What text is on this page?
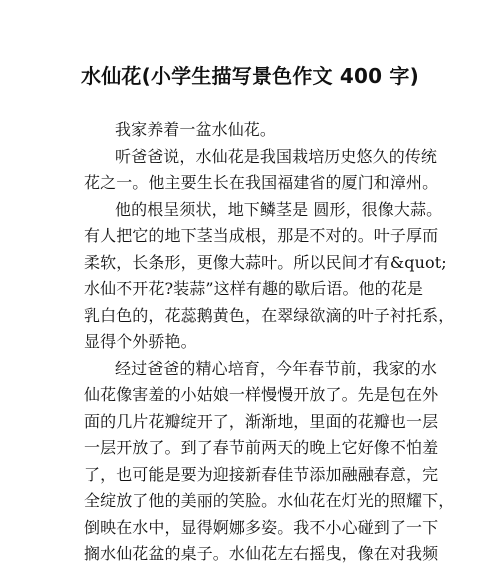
水仙花(小学生描写景色作文 400 字)
我家养着一盆水仙花。
听爸爸说，水仙花是我国栽培历史悠久的传统
花之一。他主要生长在我国福建省的厦门和漳州。
他的根呈须状，地下鳞茎是 圆形，很像大蒜。
有人把它的地下茎当成根，那是不对的。叶子厚而
柔软，长条形，更像大蒜叶。所以民间才有&quot;
水仙不开花?装蒜”这样有趣的歇后语。他的花是
乳白色的，花蕊鹅黄色，在翠绿欲滴的叶子衬托系，
显得个外骄艳。
经过爸爸的精心培育，今年春节前，我家的水
仙花像害羞的小姑娘一样慢慢开放了。先是包在外
面的几片花瓣绽开了，渐渐地，里面的花瓣也一层
一层开放了。到了春节前两天的晚上它好像不怕羞
了，也可能是要为迎接新春佳节添加融融春意，完
全绽放了他的美丽的笑脸。水仙花在灯光的照耀下，
倒映在水中，显得婀娜多姿。我不小心碰到了一下
搁水仙花盆的桌子。水仙花左右摇曳，像在对我频
